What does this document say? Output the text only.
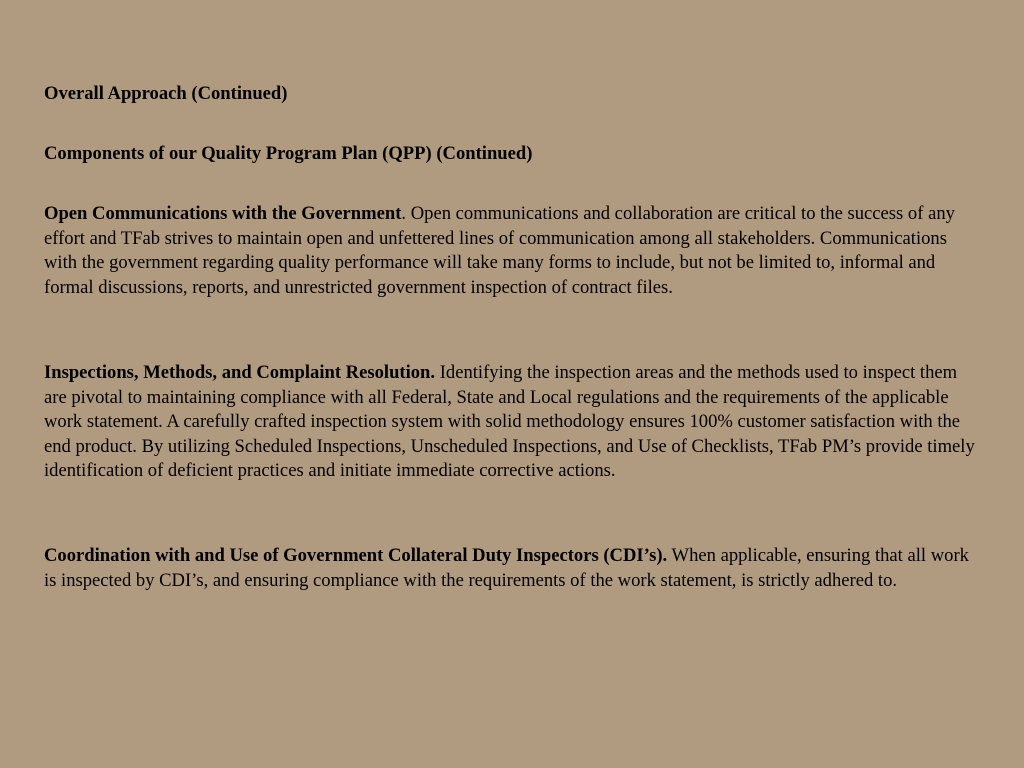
Overall Approach (Continued)

Components of our Quality Program Plan (QPP) (Continued)

Open Communications with the Government. Open communications and collaboration are critical to the success of any effort and TFab strives to maintain open and unfettered lines of communication among all stakeholders. Communications with the government regarding quality performance will take many forms to include, but not be limited to, informal and formal discussions, reports, and unrestricted government inspection of contract files.

Inspections, Methods, and Complaint Resolution. Identifying the inspection areas and the methods used to inspect them are pivotal to maintaining compliance with all Federal, State and Local regulations and the requirements of the applicable work statement. A carefully crafted inspection system with solid methodology ensures 100% customer satisfaction with the end product. By utilizing Scheduled Inspections, Unscheduled Inspections, and Use of Checklists, TFab PM’s provide timely identification of deficient practices and initiate immediate corrective actions.

Coordination with and Use of Government Collateral Duty Inspectors (CDI’s). When applicable, ensuring that all work is inspected by CDI’s, and ensuring compliance with the requirements of the work statement, is strictly adhered to.
